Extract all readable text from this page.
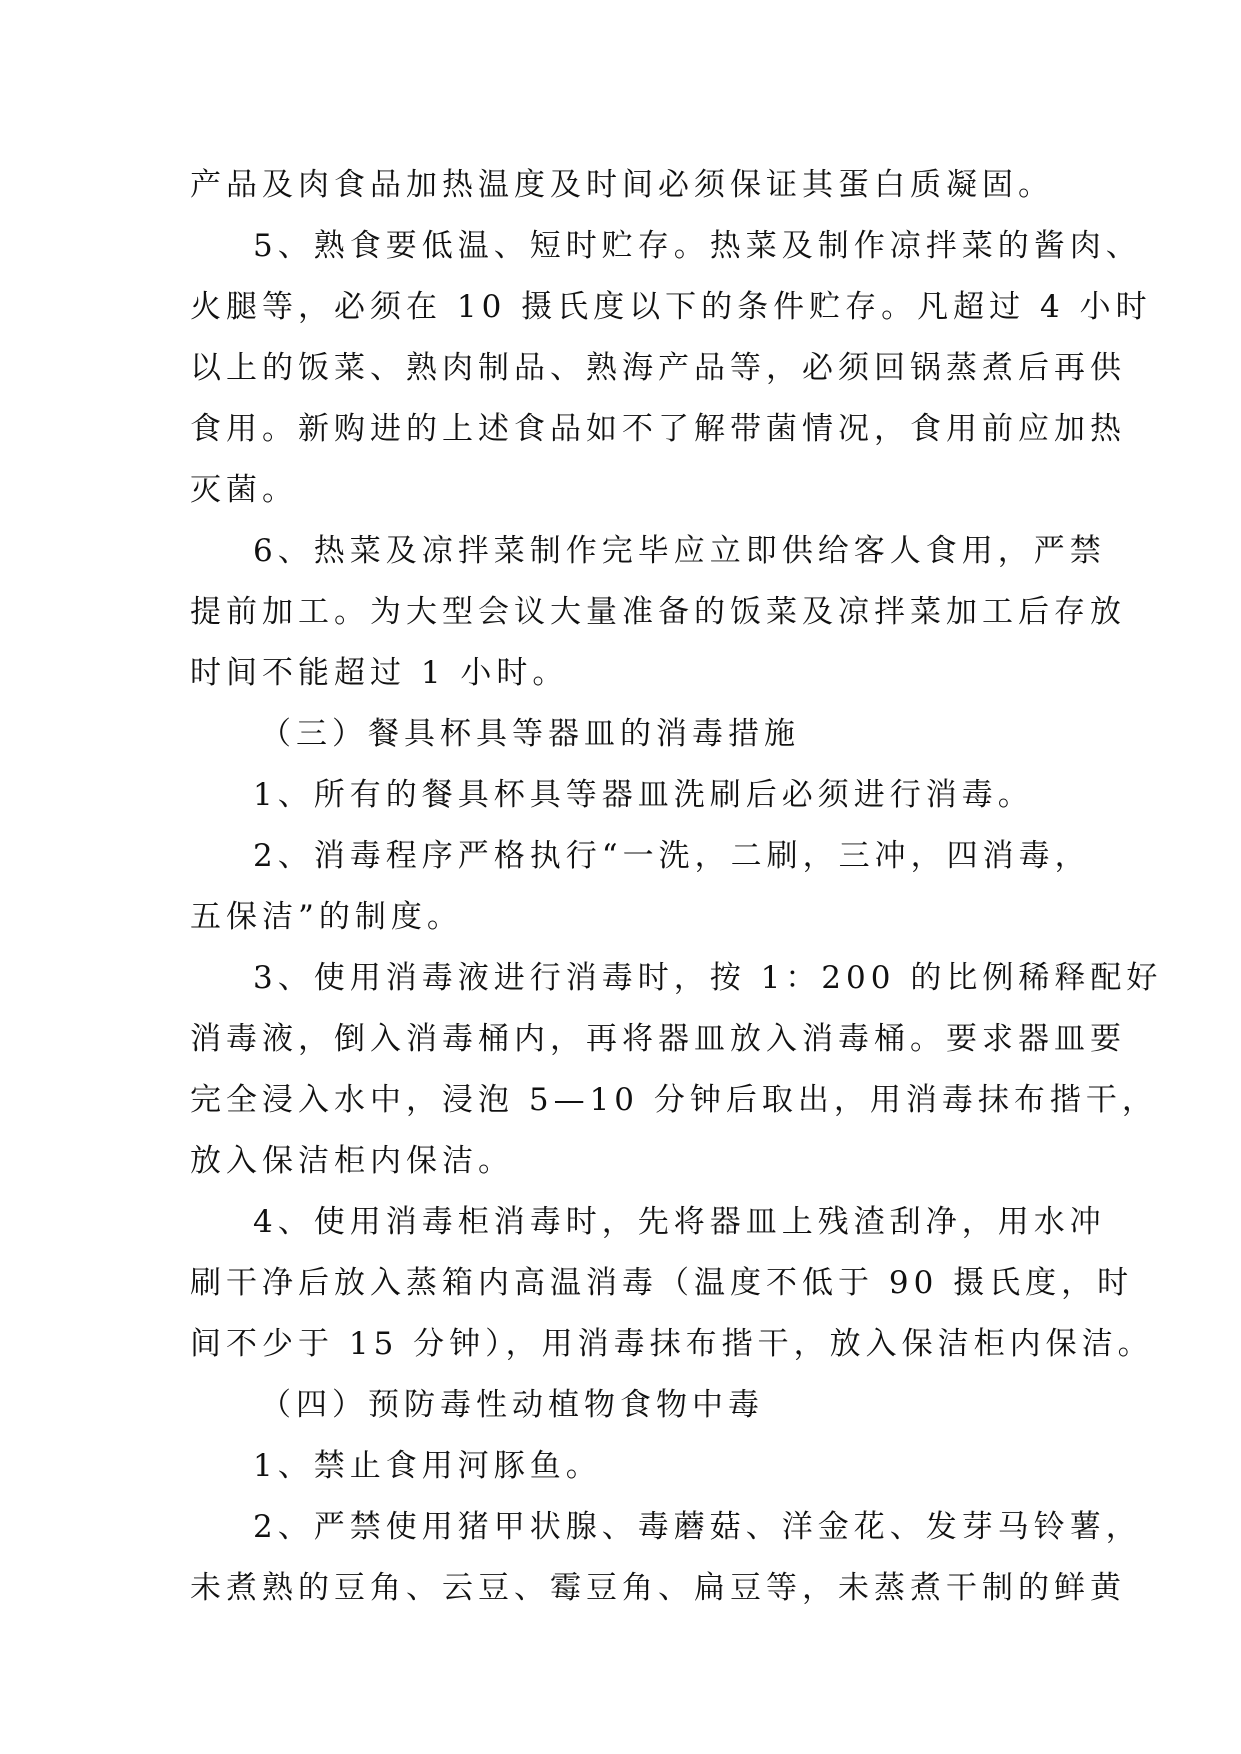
产品及肉食品加热温度及时间必须保证其蛋白质凝固。
5、熟食要低温、短时贮存。热菜及制作凉拌菜的酱肉、
火腿等，必须在 10 摄氏度以下的条件贮存。凡超过 4 小时
以上的饭菜、熟肉制品、熟海产品等，必须回锅蒸煮后再供
食用。新购进的上述食品如不了解带菌情况，食用前应加热
灭菌。
6、热菜及凉拌菜制作完毕应立即供给客人食用，严禁
提前加工。为大型会议大量准备的饭菜及凉拌菜加工后存放
时间不能超过 1 小时。
（三）餐具杯具等器皿的消毒措施
1、所有的餐具杯具等器皿洗刷后必须进行消毒。
2、消毒程序严格执行“一洗，二刷，三冲，四消毒，
五保洁”的制度。
3、使用消毒液进行消毒时，按 1：200 的比例稀释配好
消毒液，倒入消毒桶内，再将器皿放入消毒桶。要求器皿要
完全浸入水中，浸泡 5—10 分钟后取出，用消毒抹布揩干，
放入保洁柜内保洁。
4、使用消毒柜消毒时，先将器皿上残渣刮净，用水冲
刷干净后放入蒸箱内高温消毒（温度不低于 90 摄氏度，时
间不少于 15 分钟），用消毒抹布揩干，放入保洁柜内保洁。
（四）预防毒性动植物食物中毒
1、禁止食用河豚鱼。
2、严禁使用猪甲状腺、毒蘑菇、洋金花、发芽马铃薯，
未煮熟的豆角、云豆、霉豆角、扁豆等，未蒸煮干制的鲜黄
